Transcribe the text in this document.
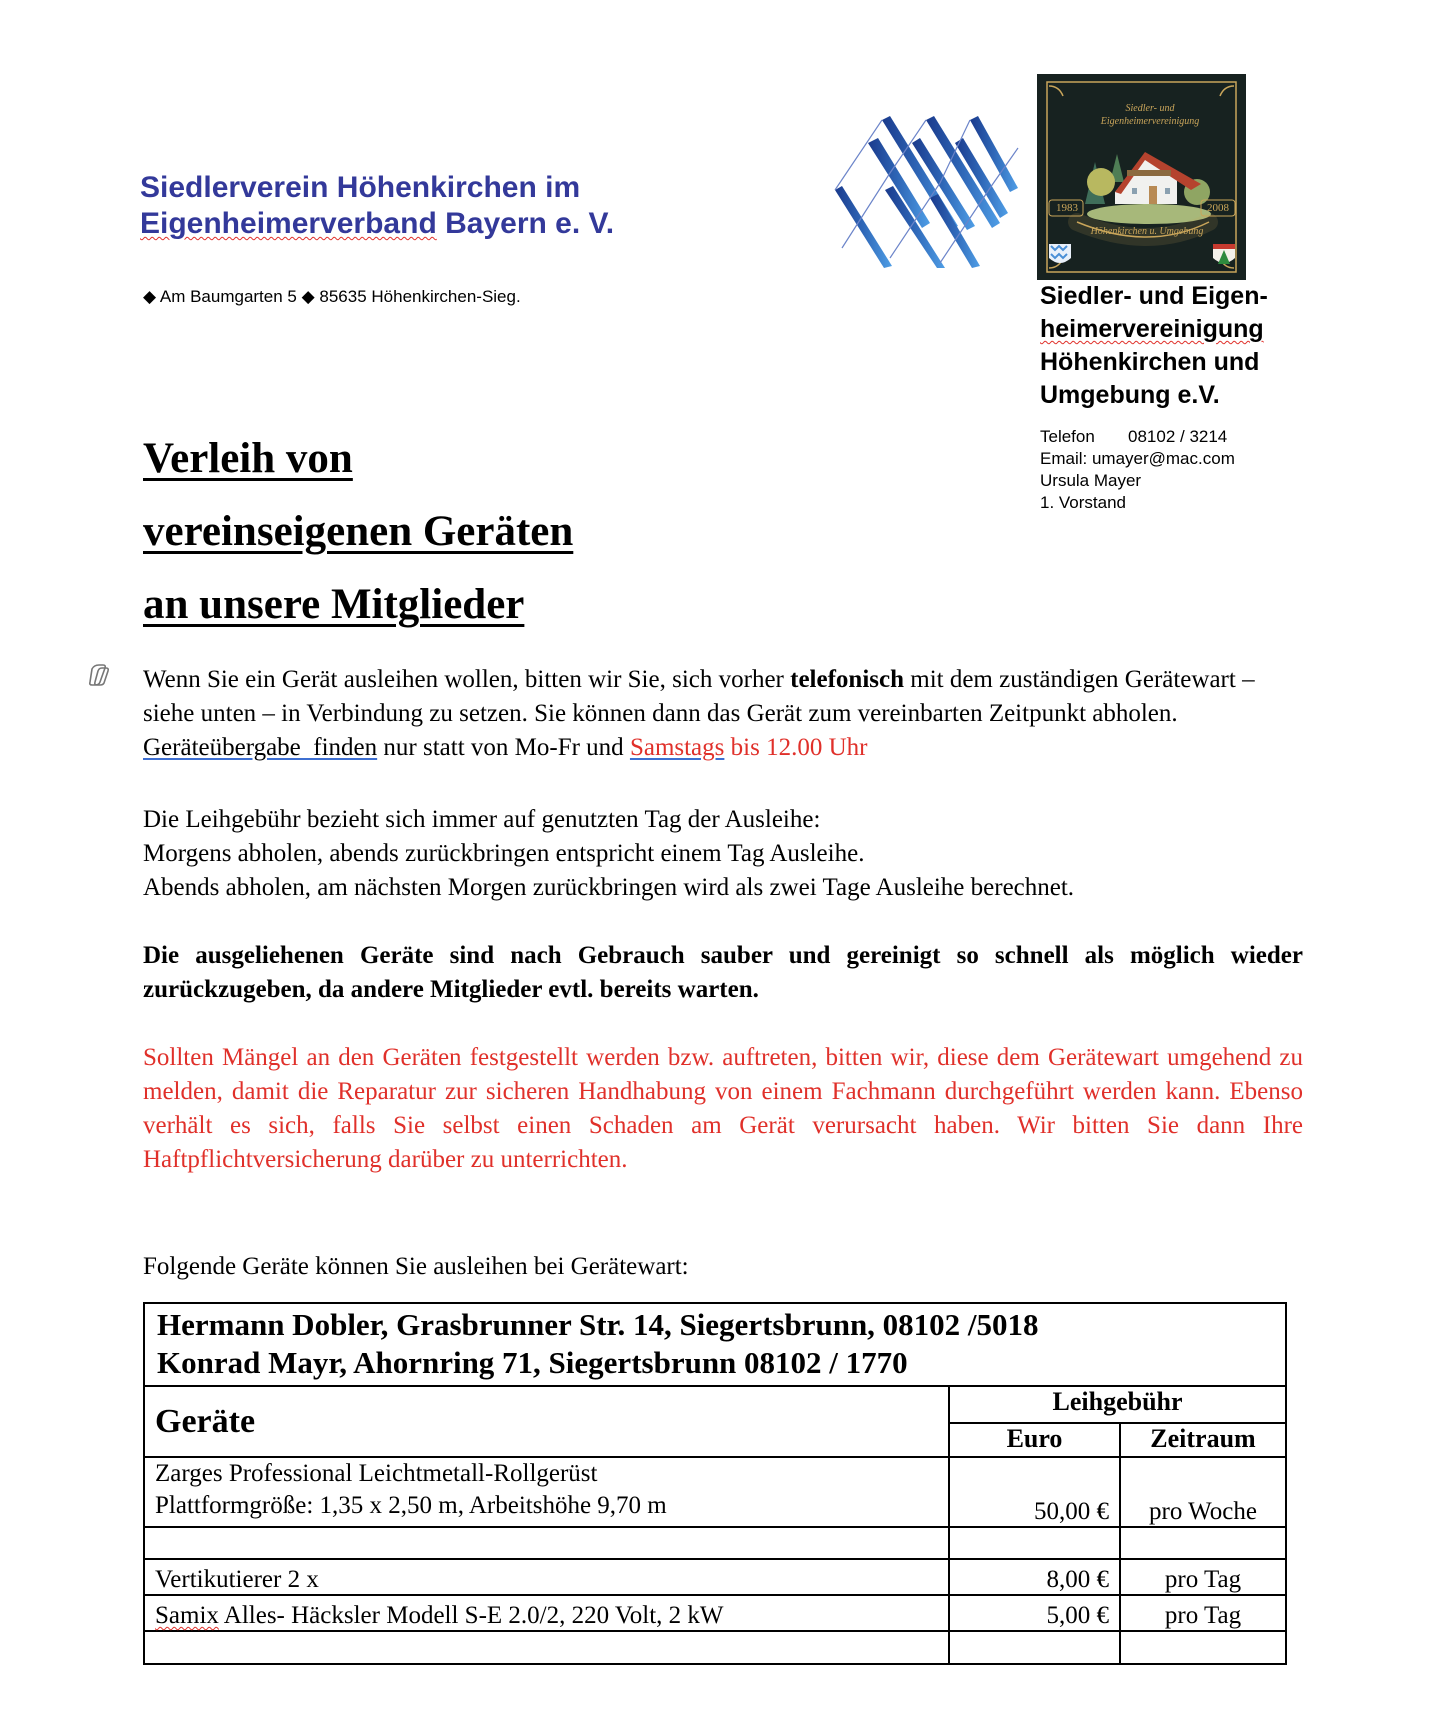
Siedlerverein Höhenkirchen im
Eigenheimerverband Bayern e. V.
◆ Am Baumgarten 5 ◆ 85635 Höhenkirchen-Sieg.
Siedler- und Eigenheimervereinigung
1983	2008
Höhenkirchen u. Umgebung
Siedler- und Eigen-
heimervereinigung
Höhenkirchen und
Umgebung e.V.
Telefon 08102 / 3214
Email: umayer@mac.com
Ursula Mayer
1. Vorstand
Verleih von
vereinseigenen Geräten
an unsere Mitglieder
Wenn Sie ein Gerät ausleihen wollen, bitten wir Sie, sich vorher telefonisch mit dem zuständigen Gerätewart – siehe unten – in Verbindung zu setzen. Sie können dann das Gerät zum vereinbarten Zeitpunkt abholen. Geräteübergabe  finden nur statt von Mo-Fr und Samstags bis 12.00 Uhr
Die Leihgebühr bezieht sich immer auf genutzten Tag der Ausleihe:
Morgens abholen, abends zurückbringen entspricht einem Tag Ausleihe.
Abends abholen, am nächsten Morgen zurückbringen wird als zwei Tage Ausleihe berechnet.
Die ausgeliehenen Geräte sind nach Gebrauch sauber und gereinigt so schnell als möglich wieder zurückzugeben, da andere Mitglieder evtl. bereits warten.
Sollten Mängel an den Geräten festgestellt werden bzw. auftreten, bitten wir, diese dem Gerätewart umgehend zu melden, damit die Reparatur zur sicheren Handhabung von einem Fachmann durchgeführt werden kann. Ebenso verhält es sich, falls Sie selbst einen Schaden am Gerät verursacht haben. Wir bitten Sie dann Ihre Haftpflichtversicherung darüber zu unterrichten.
Folgende Geräte können Sie ausleihen bei Gerätewart:
Hermann Dobler, Grasbrunner Str. 14, Siegertsbrunn, 08102 /5018
Konrad Mayr, Ahornring 71, Siegertsbrunn 08102 / 1770		

Geräte	Leihgebühr	
	Euro	Zeitraum

Zarges Professional Leichtmetall-Rollgerüst
Plattformgröße: 1,35 x 2,50 m, Arbeitshöhe 9,70 m	50,00 €	pro Woche

Vertikutierer 2 x	8,00 €	pro Tag
Samix Alles- Häcksler Modell S-E 2.0/2, 220 Volt, 2 kW	5,00 €	pro Tag
